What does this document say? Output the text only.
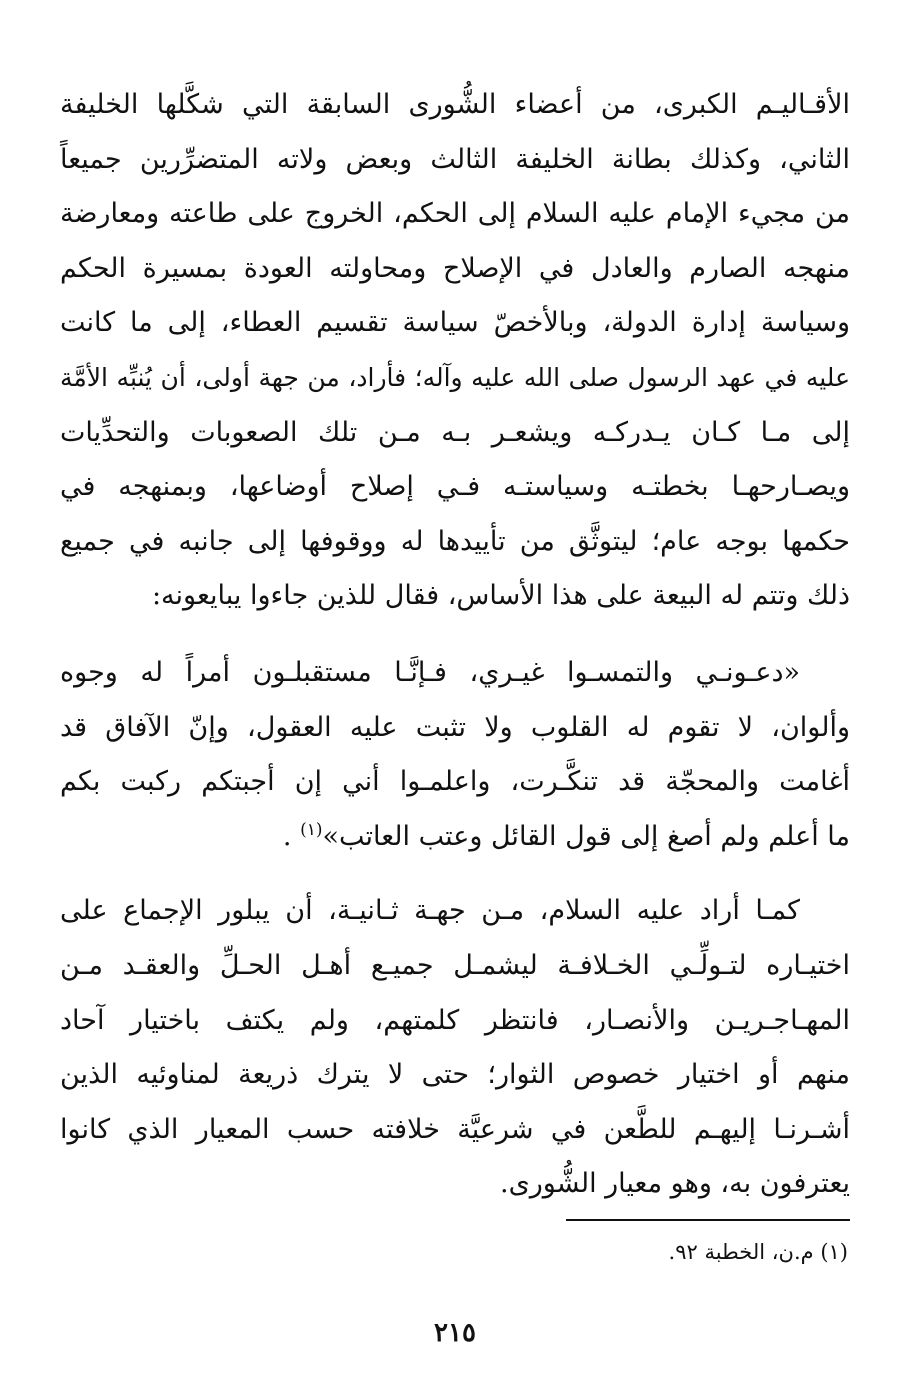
الأقـاليـم الكبرى، من أعضاء الشُّورى السابقة التي شكَّلها الخليفة
الثاني، وكذلك بطانة الخليفة الثالث وبعض ولاته المتضرِّرين جميعاً
من مجيء الإمام عليه السلام إلى الحكم، الخروج على طاعته ومعارضة
منهجه الصارم والعادل في الإصلاح ومحاولته العودة بمسيرة الحكم
وسياسة إدارة الدولة، وبالأخصّ سياسة تقسيم العطاء، إلى ما كانت
عليه في عهد الرسول صلى الله عليه وآله؛ فأراد، من جهة أولى، أن يُنبِّه الأمَّة
إلى مـا كـان يـدركـه ويشعـر بـه مـن تلك الصعوبات والتحدِّيات
ويصـارحهـا بخطتـه وسياستـه فـي إصلاح أوضاعها، وبمنهجه في
حكمها بوجه عام؛ ليتوثَّق من تأييدها له ووقوفها إلى جانبه في جميع
ذلك وتتم له البيعة على هذا الأساس، فقال للذين جاءوا يبايعونه:

«دعـونـي والتمسـوا غيـري، فـإنَّـا مستقبلـون أمراً له وجوه
وألوان، لا تقوم له القلوب ولا تثبت عليه العقول، وإنّ الآفاق قد
أغامت والمحجّة قد تنكَّـرت، واعلمـوا أني إن أجبتكم ركبت بكم
ما أعلم ولم أصغ إلى قول القائل وعتب العاتب»$^{(١)}$ .

كمـا أراد عليه السلام، مـن جهـة ثـانيـة، أن يبلور الإجماع على
اختيـاره لتـولِّـي الخـلافـة ليشمـل جميـع أهـل الحـلِّ والعقـد مـن
المهـاجـريـن والأنصـار، فانتظر كلمتهم، ولم يكتف باختيار آحاد
منهم أو اختيار خصوص الثوار؛ حتى لا يترك ذريعة لمناوئيه الذين
أشـرنـا إليهـم للطَّعن في شرعيَّة خلافته حسب المعيار الذي كانوا
يعترفون به، وهو معيار الشُّورى.

(١) م.ن، الخطبة ٩٢.
٢١٥
